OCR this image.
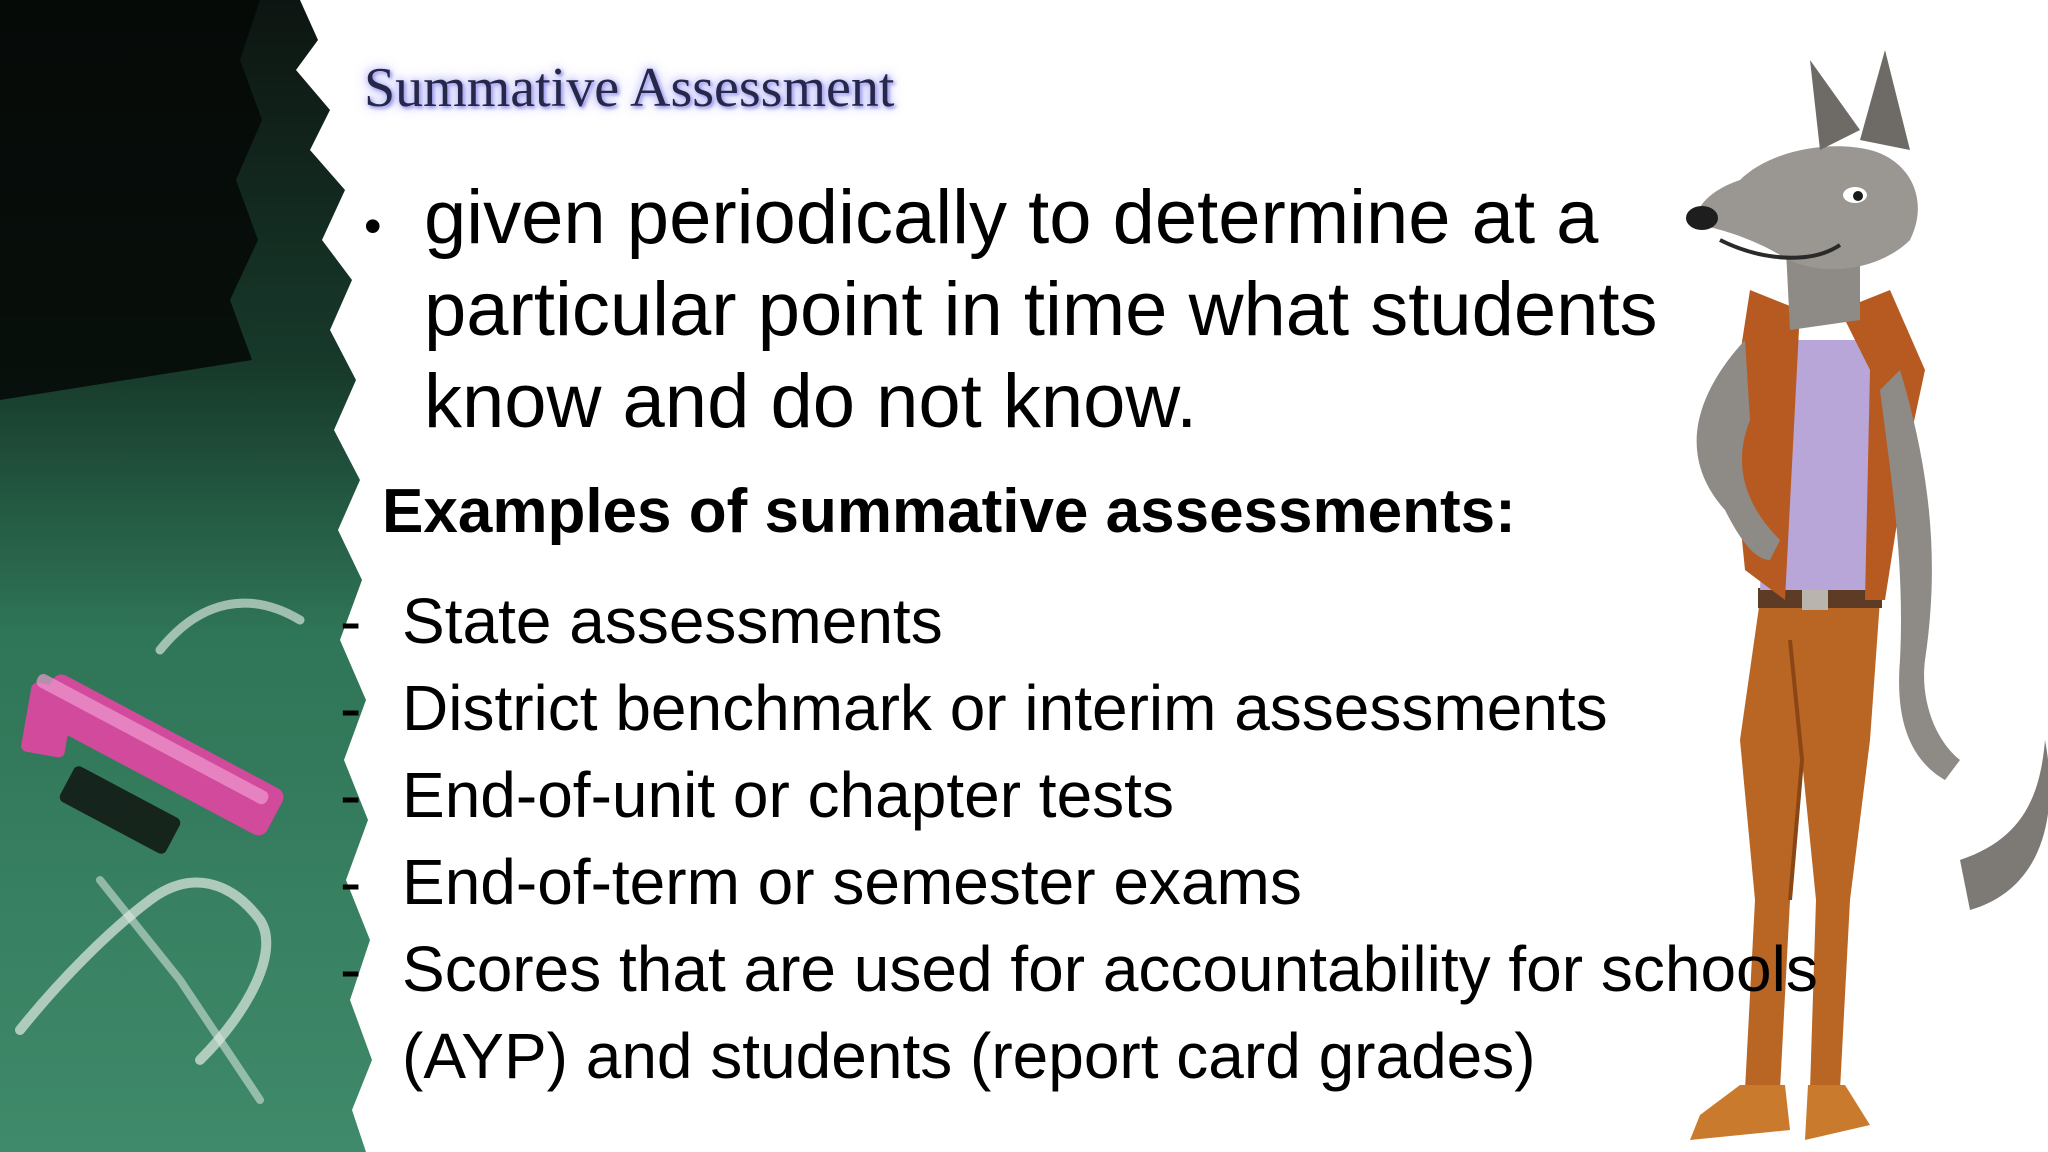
Summative Assessment
• given periodically to determine at a particular point in time what students know and do not know.
Examples of summative assessments:
- State assessments
- District benchmark or interim assessments
- End-of-unit or chapter tests
- End-of-term or semester exams
- Scores that are used for accountability for schools (AYP) and students (report card grades)
